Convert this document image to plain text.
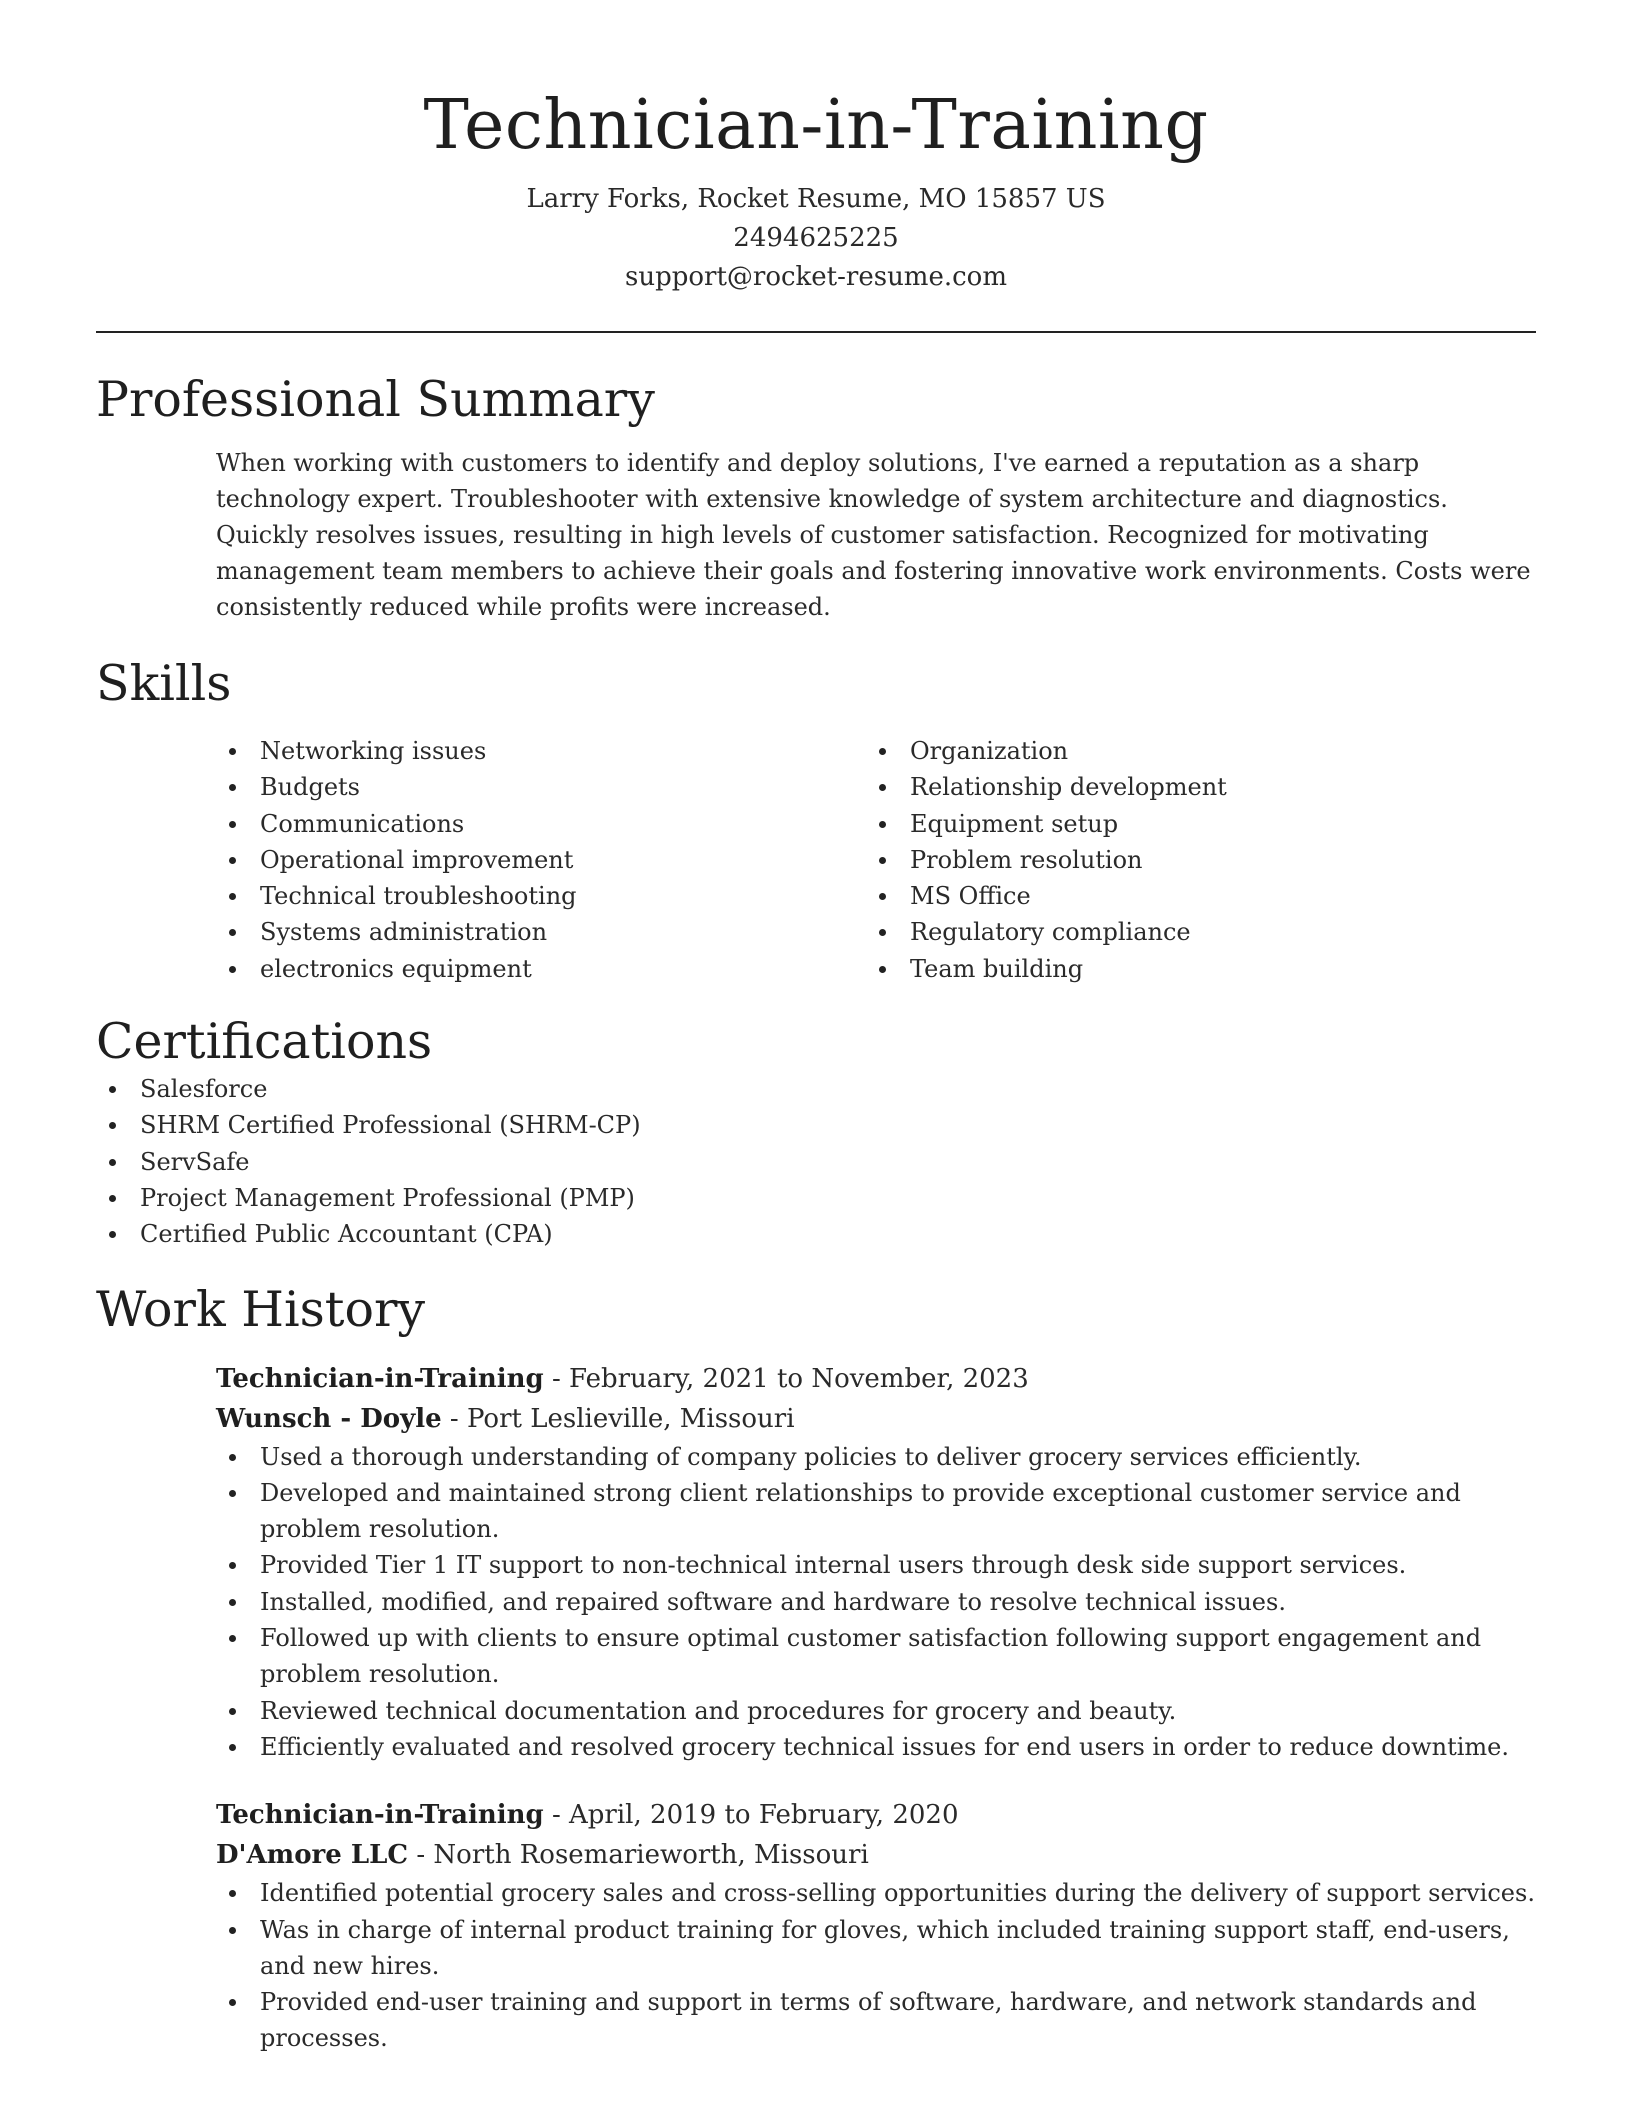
Technician-in-Training
Larry Forks, Rocket Resume, MO 15857 US
2494625225
support@rocket-resume.com
Professional Summary

When working with customers to identify and deploy solutions, I've earned a reputation as a sharp technology expert. Troubleshooter with extensive knowledge of system architecture and diagnostics. Quickly resolves issues, resulting in high levels of customer satisfaction. Recognized for motivating management team members to achieve their goals and fostering innovative work environments. Costs were consistently reduced while profits were increased.

Skills
Networking issues
Budgets
Communications
Operational improvement
Technical troubleshooting
Systems administration
electronics equipment
Organization
Relationship development
Equipment setup
Problem resolution
MS Office
Regulatory compliance
Team building
Certifications
Salesforce
SHRM Certified Professional (SHRM-CP)
ServSafe
Project Management Professional (PMP)
Certified Public Accountant (CPA)
Work History
Technician-in-Training - February, 2021 to November, 2023
Wunsch - Doyle - Port Leslieville, Missouri
Used a thorough understanding of company policies to deliver grocery services efficiently.
Developed and maintained strong client relationships to provide exceptional customer service and problem resolution.
Provided Tier 1 IT support to non-technical internal users through desk side support services.
Installed, modified, and repaired software and hardware to resolve technical issues.
Followed up with clients to ensure optimal customer satisfaction following support engagement and problem resolution.
Reviewed technical documentation and procedures for grocery and beauty.
Efficiently evaluated and resolved grocery technical issues for end users in order to reduce downtime.
Technician-in-Training - April, 2019 to February, 2020
D'Amore LLC - North Rosemarieworth, Missouri
Identified potential grocery sales and cross-selling opportunities during the delivery of support services.
Was in charge of internal product training for gloves, which included training support staff, end-users, and new hires.
Provided end-user training and support in terms of software, hardware, and network standards and processes.
